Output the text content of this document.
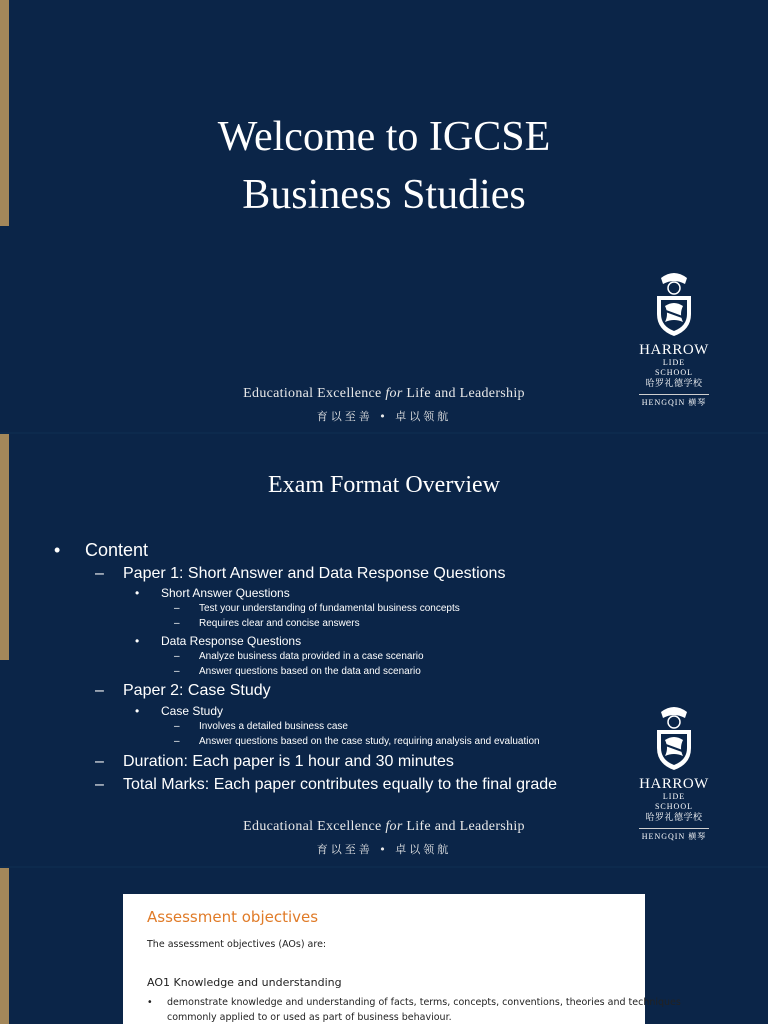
Welcome to IGCSE
Business Studies
HARROW
LIDE
SCHOOL
哈罗礼德学校
HENGQIN 横琴
Educational Excellence for Life and Leadership
育以至善 • 卓以领航
Exam Format Overview
• Content
– Paper 1: Short Answer and Data Response Questions
• Short Answer Questions
– Test your understanding of fundamental business concepts
– Requires clear and concise answers
• Data Response Questions
– Analyze business data provided in a case scenario
– Answer questions based on the data and scenario
– Paper 2: Case Study
• Case Study
– Involves a detailed business case
– Answer questions based on the case study, requiring analysis and evaluation
– Duration: Each paper is 1 hour and 30 minutes
– Total Marks: Each paper contributes equally to the final grade	HARROW
LIDE
SCHOOL
哈罗礼德学校
HENGQIN 横琴
Educational Excellence for Life and Leadership
育以至善 • 卓以领航
Assessment objectives
The assessment objectives (AOs) are:
AO1 Knowledge and understanding
• demonstrate knowledge and understanding of facts, terms, concepts, conventions, theories and techniques
commonly applied to or used as part of business behaviour.
